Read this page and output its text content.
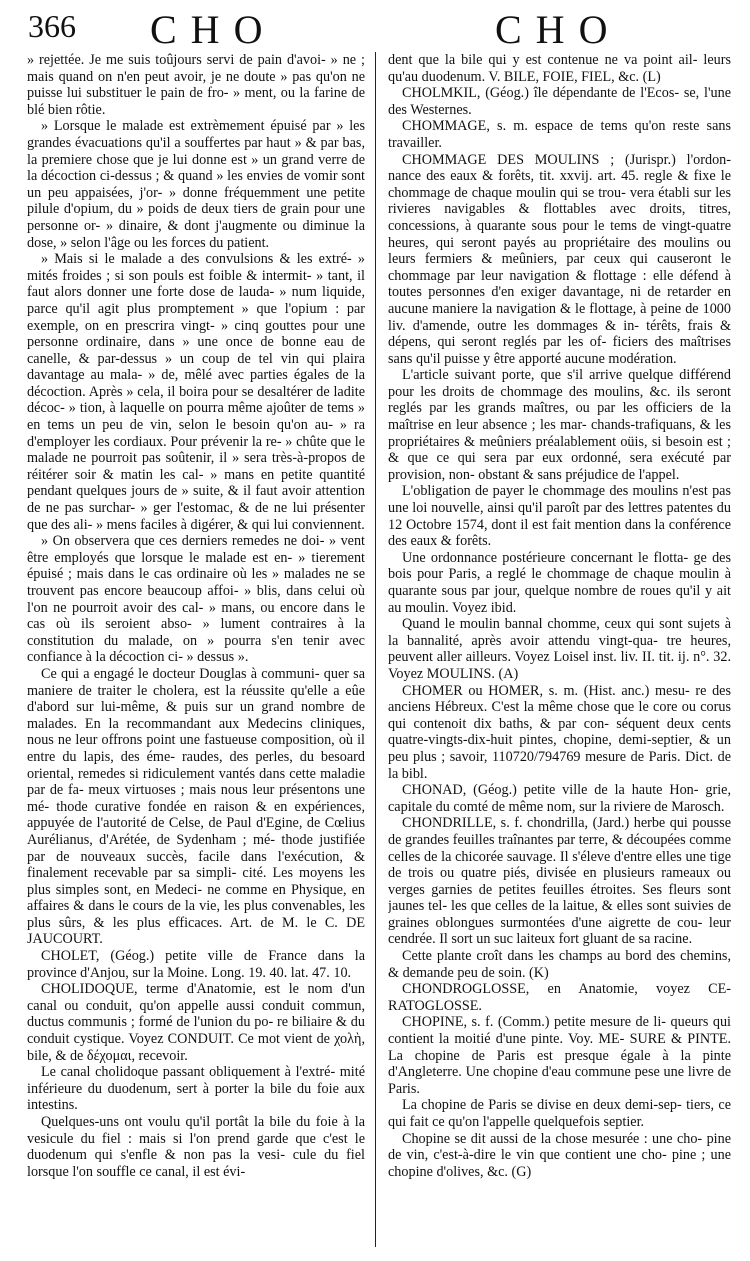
366 CHO	CHO

» rejettée. Je me suis toûjours servi de pain d'avoi- » ne ; mais quand on n'en peut avoir, je ne doute » pas qu'on ne puisse lui substituer le pain de fro- » ment, ou la farine de blé bien rôtie.

» Lorsque le malade est extrèmement épuisé par » les grandes évacuations qu'il a souffertes par haut » & par bas, la premiere chose que je lui donne est » un grand verre de la décoction ci-dessus ; & quand » les envies de vomir sont un peu appaisées, j'or- » donne fréquemment une petite pilule d'opium, du » poids de deux tiers de grain pour une personne or- » dinaire, & dont j'augmente ou diminue la dose, » selon l'âge ou les forces du patient.

» Mais si le malade a des convulsions & les extré- » mités froides ; si son pouls est foible & intermit- » tant, il faut alors donner une forte dose de lauda- » num liquide, parce qu'il agit plus promptement » que l'opium : par exemple, on en prescrira vingt- » cinq gouttes pour une personne ordinaire, dans » une once de bonne eau de canelle, & par-dessus » un coup de tel vin qui plaira davantage au mala- » de, mêlé avec parties égales de la décoction. Après » cela, il boira pour se desaltérer de ladite décoc- » tion, à laquelle on pourra même ajoûter de tems » en tems un peu de vin, selon le besoin qu'on au- » ra d'employer les cordiaux. Pour prévenir la re- » chûte que le malade ne pourroit pas soûtenir, il » sera très-à-propos de réitérer soir & matin les cal- » mans en petite quantité pendant quelques jours de » suite, & il faut avoir attention de ne pas surchar- » ger l'estomac, & de ne lui présenter que des ali- » mens faciles à digérer, & qui lui conviennent.

» On observera que ces derniers remedes ne doi- » vent être employés que lorsque le malade est en- » tierement épuisé ; mais dans le cas ordinaire où les » malades ne se trouvent pas encore beaucoup affoi- » blis, dans celui où l'on ne pourroit avoir des cal- » mans, ou encore dans le cas où ils seroient abso- » lument contraires à la constitution du malade, on » pourra s'en tenir avec confiance à la décoction ci- » dessus ».

Ce qui a engagé le docteur Douglas à communi- quer sa maniere de traiter le cholera, est la réussite qu'elle a eûe d'abord sur lui-même, & puis sur un grand nombre de malades. En la recommandant aux Medecins cliniques, nous ne leur offrons point une fastueuse composition, où il entre du lapis, des éme- raudes, des perles, du besoard oriental, remedes si ridiculement vantés dans cette maladie par de fa- meux virtuoses ; mais nous leur présentons une mé- thode curative fondée en raison & en expériences, appuyée de l'autorité de Celse, de Paul d'Egine, de Cœlius Aurélianus, d'Arétée, de Sydenham ; mé- thode justifiée par de nouveaux succès, facile dans l'exécution, & finalement recevable par sa simpli- cité. Les moyens les plus simples sont, en Medeci- ne comme en Physique, en affaires & dans le cours de la vie, les plus convenables, les plus sûrs, & les plus efficaces. Art. de M. le C. DE JAUCOURT.

CHOLET, (Géog.) petite ville de France dans la province d'Anjou, sur la Moine. Long. 19. 40. lat. 47. 10.

CHOLIDOQUE, terme d'Anatomie, est le nom d'un canal ou conduit, qu'on appelle aussi conduit commun, ductus communis ; formé de l'union du po- re biliaire & du conduit cystique. Voyez CONDUIT. Ce mot vient de χολὴ, bile, & de δέχομαι, recevoir.

Le canal cholidoque passant obliquement à l'extré- mité inférieure du duodenum, sert à porter la bile du foie aux intestins.

Quelques-uns ont voulu qu'il portât la bile du foie à la vesicule du fiel : mais si l'on prend garde que c'est le duodenum qui s'enfle & non pas la vesi- cule du fiel lorsque l'on souffle ce canal, il est évi-

dent que la bile qui y est contenue ne va point ail- leurs qu'au duodenum. V. BILE, FOIE, FIEL, &c. (L)

CHOLMKIL, (Géog.) île dépendante de l'Ecos- se, l'une des Westernes.

CHOMMAGE, s. m. espace de tems qu'on reste sans travailler.

CHOMMAGE DES MOULINS ; (Jurispr.) l'ordon- nance des eaux & forêts, tit. xxvij. art. 45. regle & fixe le chommage de chaque moulin qui se trou- vera établi sur les rivieres navigables & flottables avec droits, titres, concessions, à quarante sous pour le tems de vingt-quatre heures, qui seront payés au propriétaire des moulins ou leurs fermiers & meûniers, par ceux qui causeront le chommage par leur navigation & flottage : elle défend à toutes personnes d'en exiger davantage, ni de retarder en aucune maniere la navigation & le flottage, à peine de 1000 liv. d'amende, outre les dommages & in- térêts, frais & dépens, qui seront reglés par les of- ficiers des maîtrises sans qu'il puisse y être apporté aucune modération.

L'article suivant porte, que s'il arrive quelque différend pour les droits de chommage des moulins, &c. ils seront reglés par les grands maîtres, ou par les officiers de la maîtrise en leur absence ; les mar- chands-trafiquans, & les propriétaires & meûniers préalablement oüis, si besoin est ; & que ce qui sera par eux ordonné, sera exécuté par provision, non- obstant & sans préjudice de l'appel.

L'obligation de payer le chommage des moulins n'est pas une loi nouvelle, ainsi qu'il paroît par des lettres patentes du 12 Octobre 1574, dont il est fait mention dans la conférence des eaux & forêts.

Une ordonnance postérieure concernant le flotta- ge des bois pour Paris, a reglé le chommage de chaque moulin à quarante sous par jour, quelque nombre de roues qu'il y ait au moulin. Voyez ibid.

Quand le moulin bannal chomme, ceux qui sont sujets à la bannalité, après avoir attendu vingt-qua- tre heures, peuvent aller ailleurs. Voyez Loisel inst. liv. II. tit. ij. n°. 32. Voyez MOULINS. (A)

CHOMER ou HOMER, s. m. (Hist. anc.) mesu- re des anciens Hébreux. C'est la même chose que le core ou corus qui contenoit dix baths, & par con- séquent deux cents quatre-vingts-dix-huit pintes, chopine, demi-septier, & un peu plus ; savoir, 110720/794769 mesure de Paris. Dict. de la bibl.

CHONAD, (Géog.) petite ville de la haute Hon- grie, capitale du comté de même nom, sur la riviere de Marosch.

CHONDRILLE, s. f. chondrilla, (Jard.) herbe qui pousse de grandes feuilles traînantes par terre, & découpées comme celles de la chicorée sauvage. Il s'éleve d'entre elles une tige de trois ou quatre piés, divisée en plusieurs rameaux ou verges garnies de petites feuilles étroites. Ses fleurs sont jaunes tel- les que celles de la laitue, & elles sont suivies de graines oblongues surmontées d'une aigrette de cou- leur cendrée. Il sort un suc laiteux fort gluant de sa racine.

Cette plante croît dans les champs au bord des chemins, & demande peu de soin. (K)

CHONDROGLOSSE, en Anatomie, voyez CE- RATOGLOSSE.

CHOPINE, s. f. (Comm.) petite mesure de li- queurs qui contient la moitié d'une pinte. Voy. ME- SURE & PINTE. La chopine de Paris est presque égale à la pinte d'Angleterre. Une chopine d'eau commune pese une livre de Paris.

La chopine de Paris se divise en deux demi-sep- tiers, ce qui fait ce qu'on l'appelle quelquefois septier.

Chopine se dit aussi de la chose mesurée : une cho- pine de vin, c'est-à-dire le vin que contient une cho- pine ; une chopine d'olives, &c. (G)
